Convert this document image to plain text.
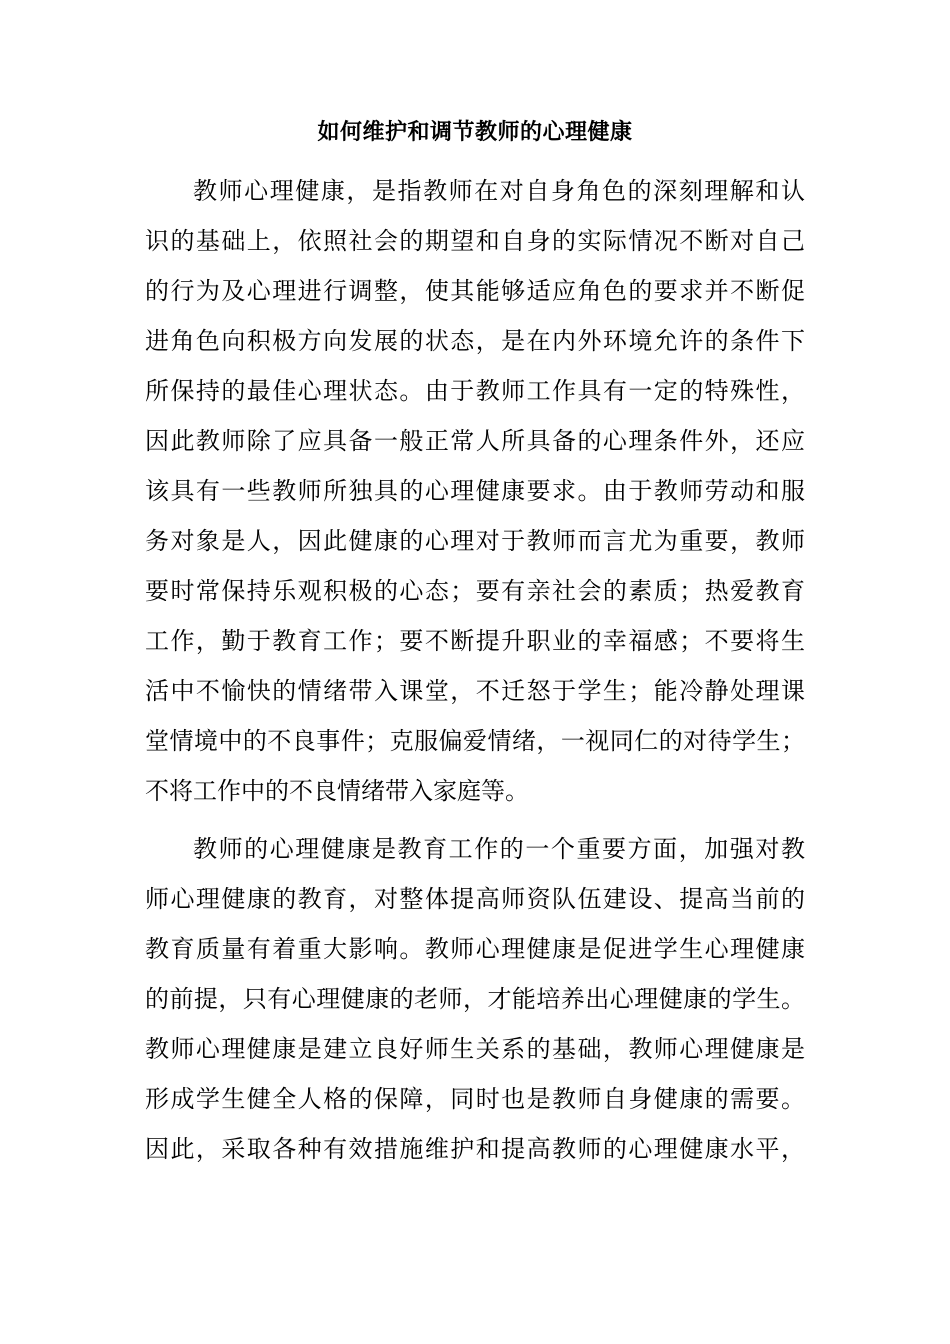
如何维护和调节教师的心理健康

教师心理健康，是指教师在对自身角色的深刻理解和认
识的基础上，依照社会的期望和自身的实际情况不断对自己
的行为及心理进行调整，使其能够适应角色的要求并不断促
进角色向积极方向发展的状态，是在内外环境允许的条件下
所保持的最佳心理状态。由于教师工作具有一定的特殊性，
因此教师除了应具备一般正常人所具备的心理条件外，还应
该具有一些教师所独具的心理健康要求。由于教师劳动和服
务对象是人，因此健康的心理对于教师而言尤为重要，教师
要时常保持乐观积极的心态；要有亲社会的素质；热爱教育
工作，勤于教育工作；要不断提升职业的幸福感；不要将生
活中不愉快的情绪带入课堂，不迁怒于学生；能冷静处理课
堂情境中的不良事件；克服偏爱情绪，一视同仁的对待学生；
不将工作中的不良情绪带入家庭等。

教师的心理健康是教育工作的一个重要方面，加强对教
师心理健康的教育，对整体提高师资队伍建设、提高当前的
教育质量有着重大影响。教师心理健康是促进学生心理健康
的前提，只有心理健康的老师，才能培养出心理健康的学生。
教师心理健康是建立良好师生关系的基础，教师心理健康是
形成学生健全人格的保障，同时也是教师自身健康的需要。
因此，采取各种有效措施维护和提高教师的心理健康水平，
